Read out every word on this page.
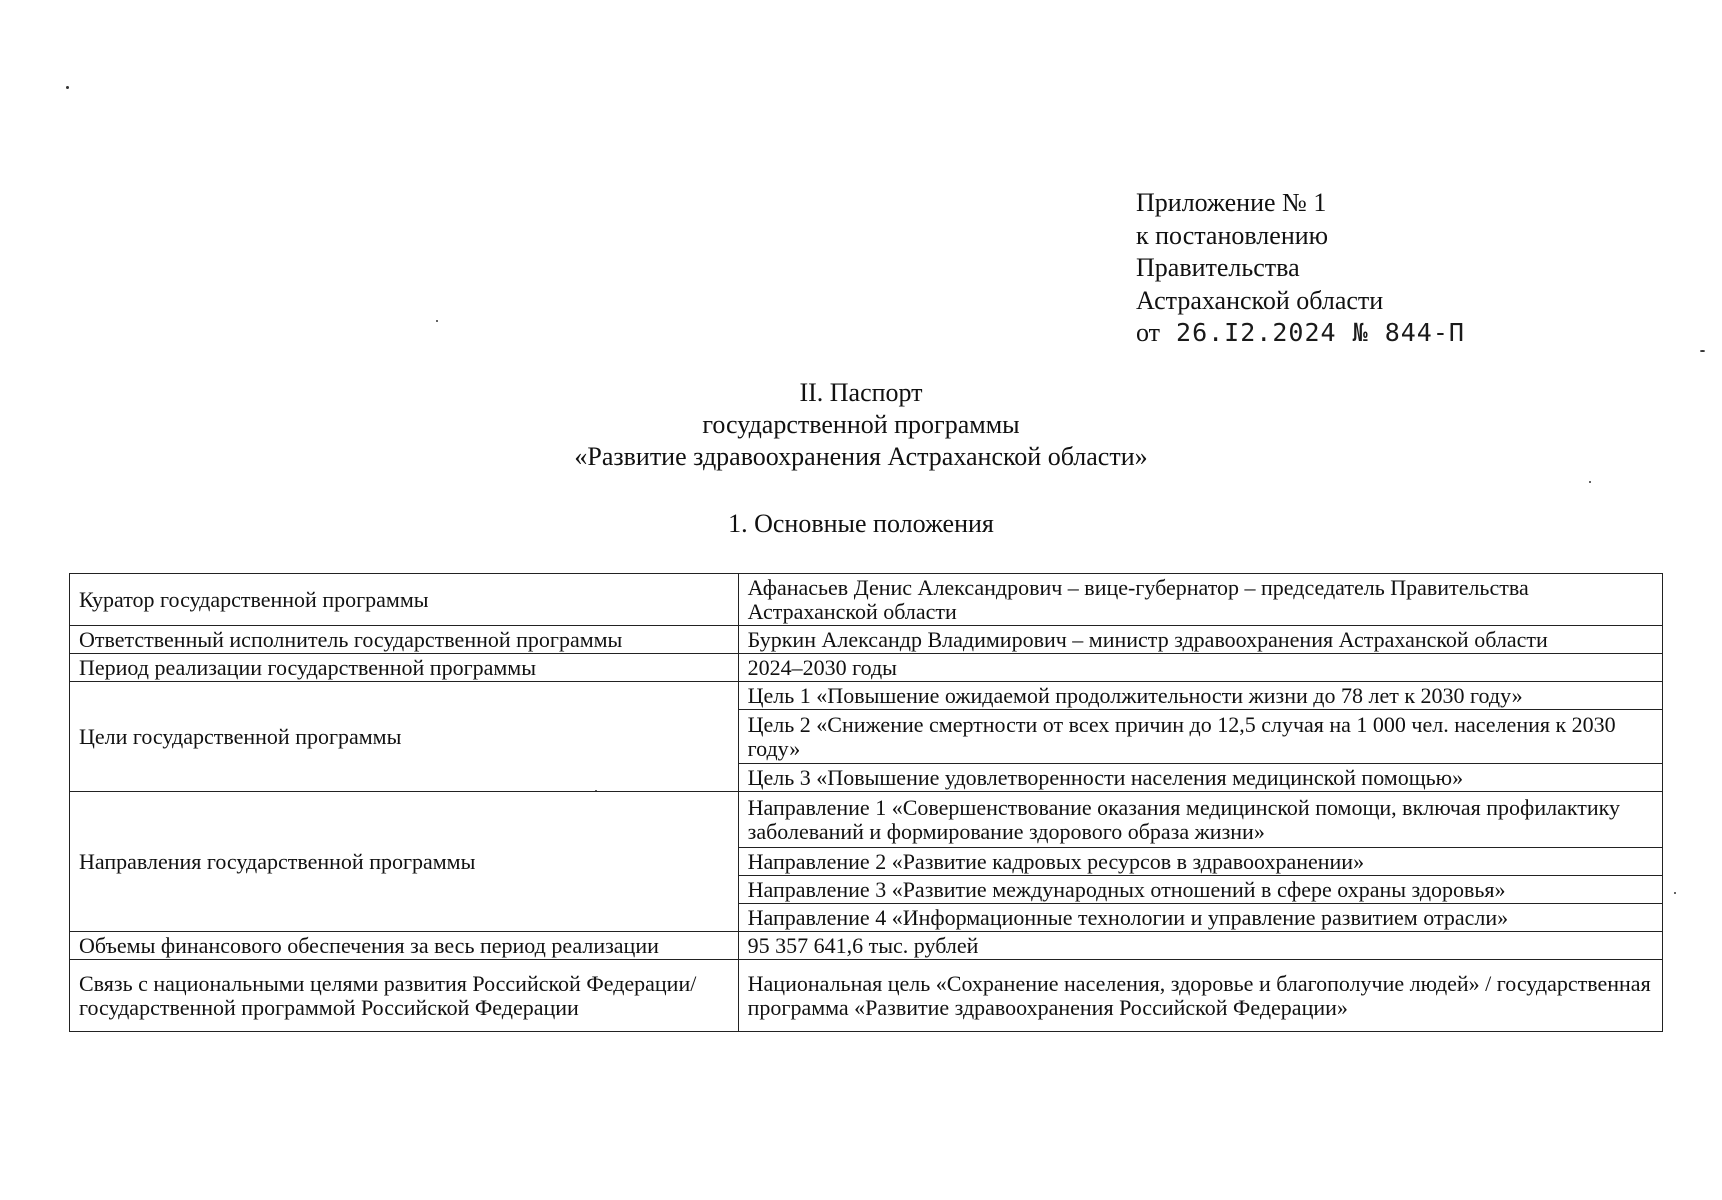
Приложение № 1
к постановлению
Правительства
Астраханской области
от 26.I2.2024 № 844-П
II. Паспорт
государственной программы
«Развитие здравоохранения Астраханской области»
1. Основные положения
Куратор государственной программы	Афанасьев Денис Александрович – вице-губернатор – председатель Правительства Астраханской области
Ответственный исполнитель государственной программы	Буркин Александр Владимирович – министр здравоохранения Астраханской области
Период реализации государственной программы	2024–2030 годы
Цели государственной программы	Цель 1 «Повышение ожидаемой продолжительности жизни до 78 лет к 2030 году»
	Цель 2 «Снижение смертности от всех причин до 12,5 случая на 1 000 чел. населения к 2030 году»
	Цель 3 «Повышение удовлетворенности населения медицинской помощью»
Направления государственной программы	Направление 1 «Совершенствование оказания медицинской помощи, включая профилактику заболеваний и формирование здорового образа жизни»
	Направление 2 «Развитие кадровых ресурсов в здравоохранении»
	Направление 3 «Развитие международных отношений в сфере охраны здоровья»
	Направление 4 «Информационные технологии и управление развитием отрасли»
Объемы финансового обеспечения за весь период реализации	95 357 641,6 тыс. рублей
Связь с национальными целями развития Российской Федерации/ государственной программой Российской Федерации	Национальная цель «Сохранение населения, здоровье и благополучие людей» / государственная программа «Развитие здравоохранения Российской Федерации»
